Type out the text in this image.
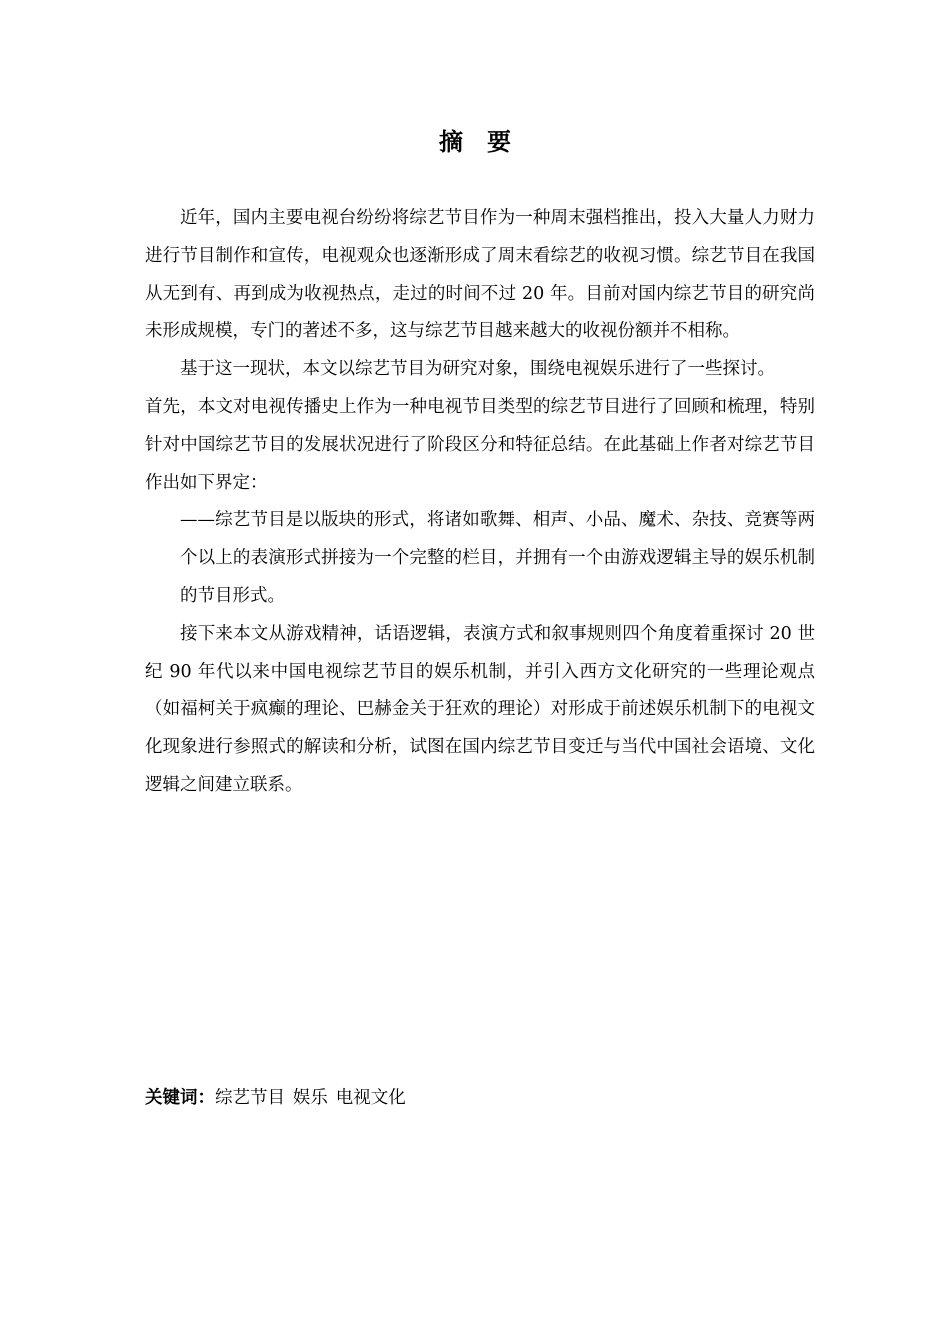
摘要

近年，国内主要电视台纷纷将综艺节目作为一种周末强档推出，投入大量人力财力进行节目制作和宣传，电视观众也逐渐形成了周末看综艺的收视习惯。综艺节目在我国从无到有、再到成为收视热点，走过的时间不过 20 年。目前对国内综艺节目的研究尚未形成规模，专门的著述不多，这与综艺节目越来越大的收视份额并不相称。

基于这一现状，本文以综艺节目为研究对象，围绕电视娱乐进行了一些探讨。

首先，本文对电视传播史上作为一种电视节目类型的综艺节目进行了回顾和梳理，特别针对中国综艺节目的发展状况进行了阶段区分和特征总结。在此基础上作者对综艺节目作出如下界定：

——综艺节目是以版块的形式，将诸如歌舞、相声、小品、魔术、杂技、竞赛等两个以上的表演形式拼接为一个完整的栏目，并拥有一个由游戏逻辑主导的娱乐机制的节目形式。

接下来本文从游戏精神，话语逻辑，表演方式和叙事规则四个角度着重探讨 20 世纪 90 年代以来中国电视综艺节目的娱乐机制，并引入西方文化研究的一些理论观点（如福柯关于疯癫的理论、巴赫金关于狂欢的理论）对形成于前述娱乐机制下的电视文化现象进行参照式的解读和分析，试图在国内综艺节目变迁与当代中国社会语境、文化逻辑之间建立联系。

关键词：综艺节目 娱乐 电视文化
